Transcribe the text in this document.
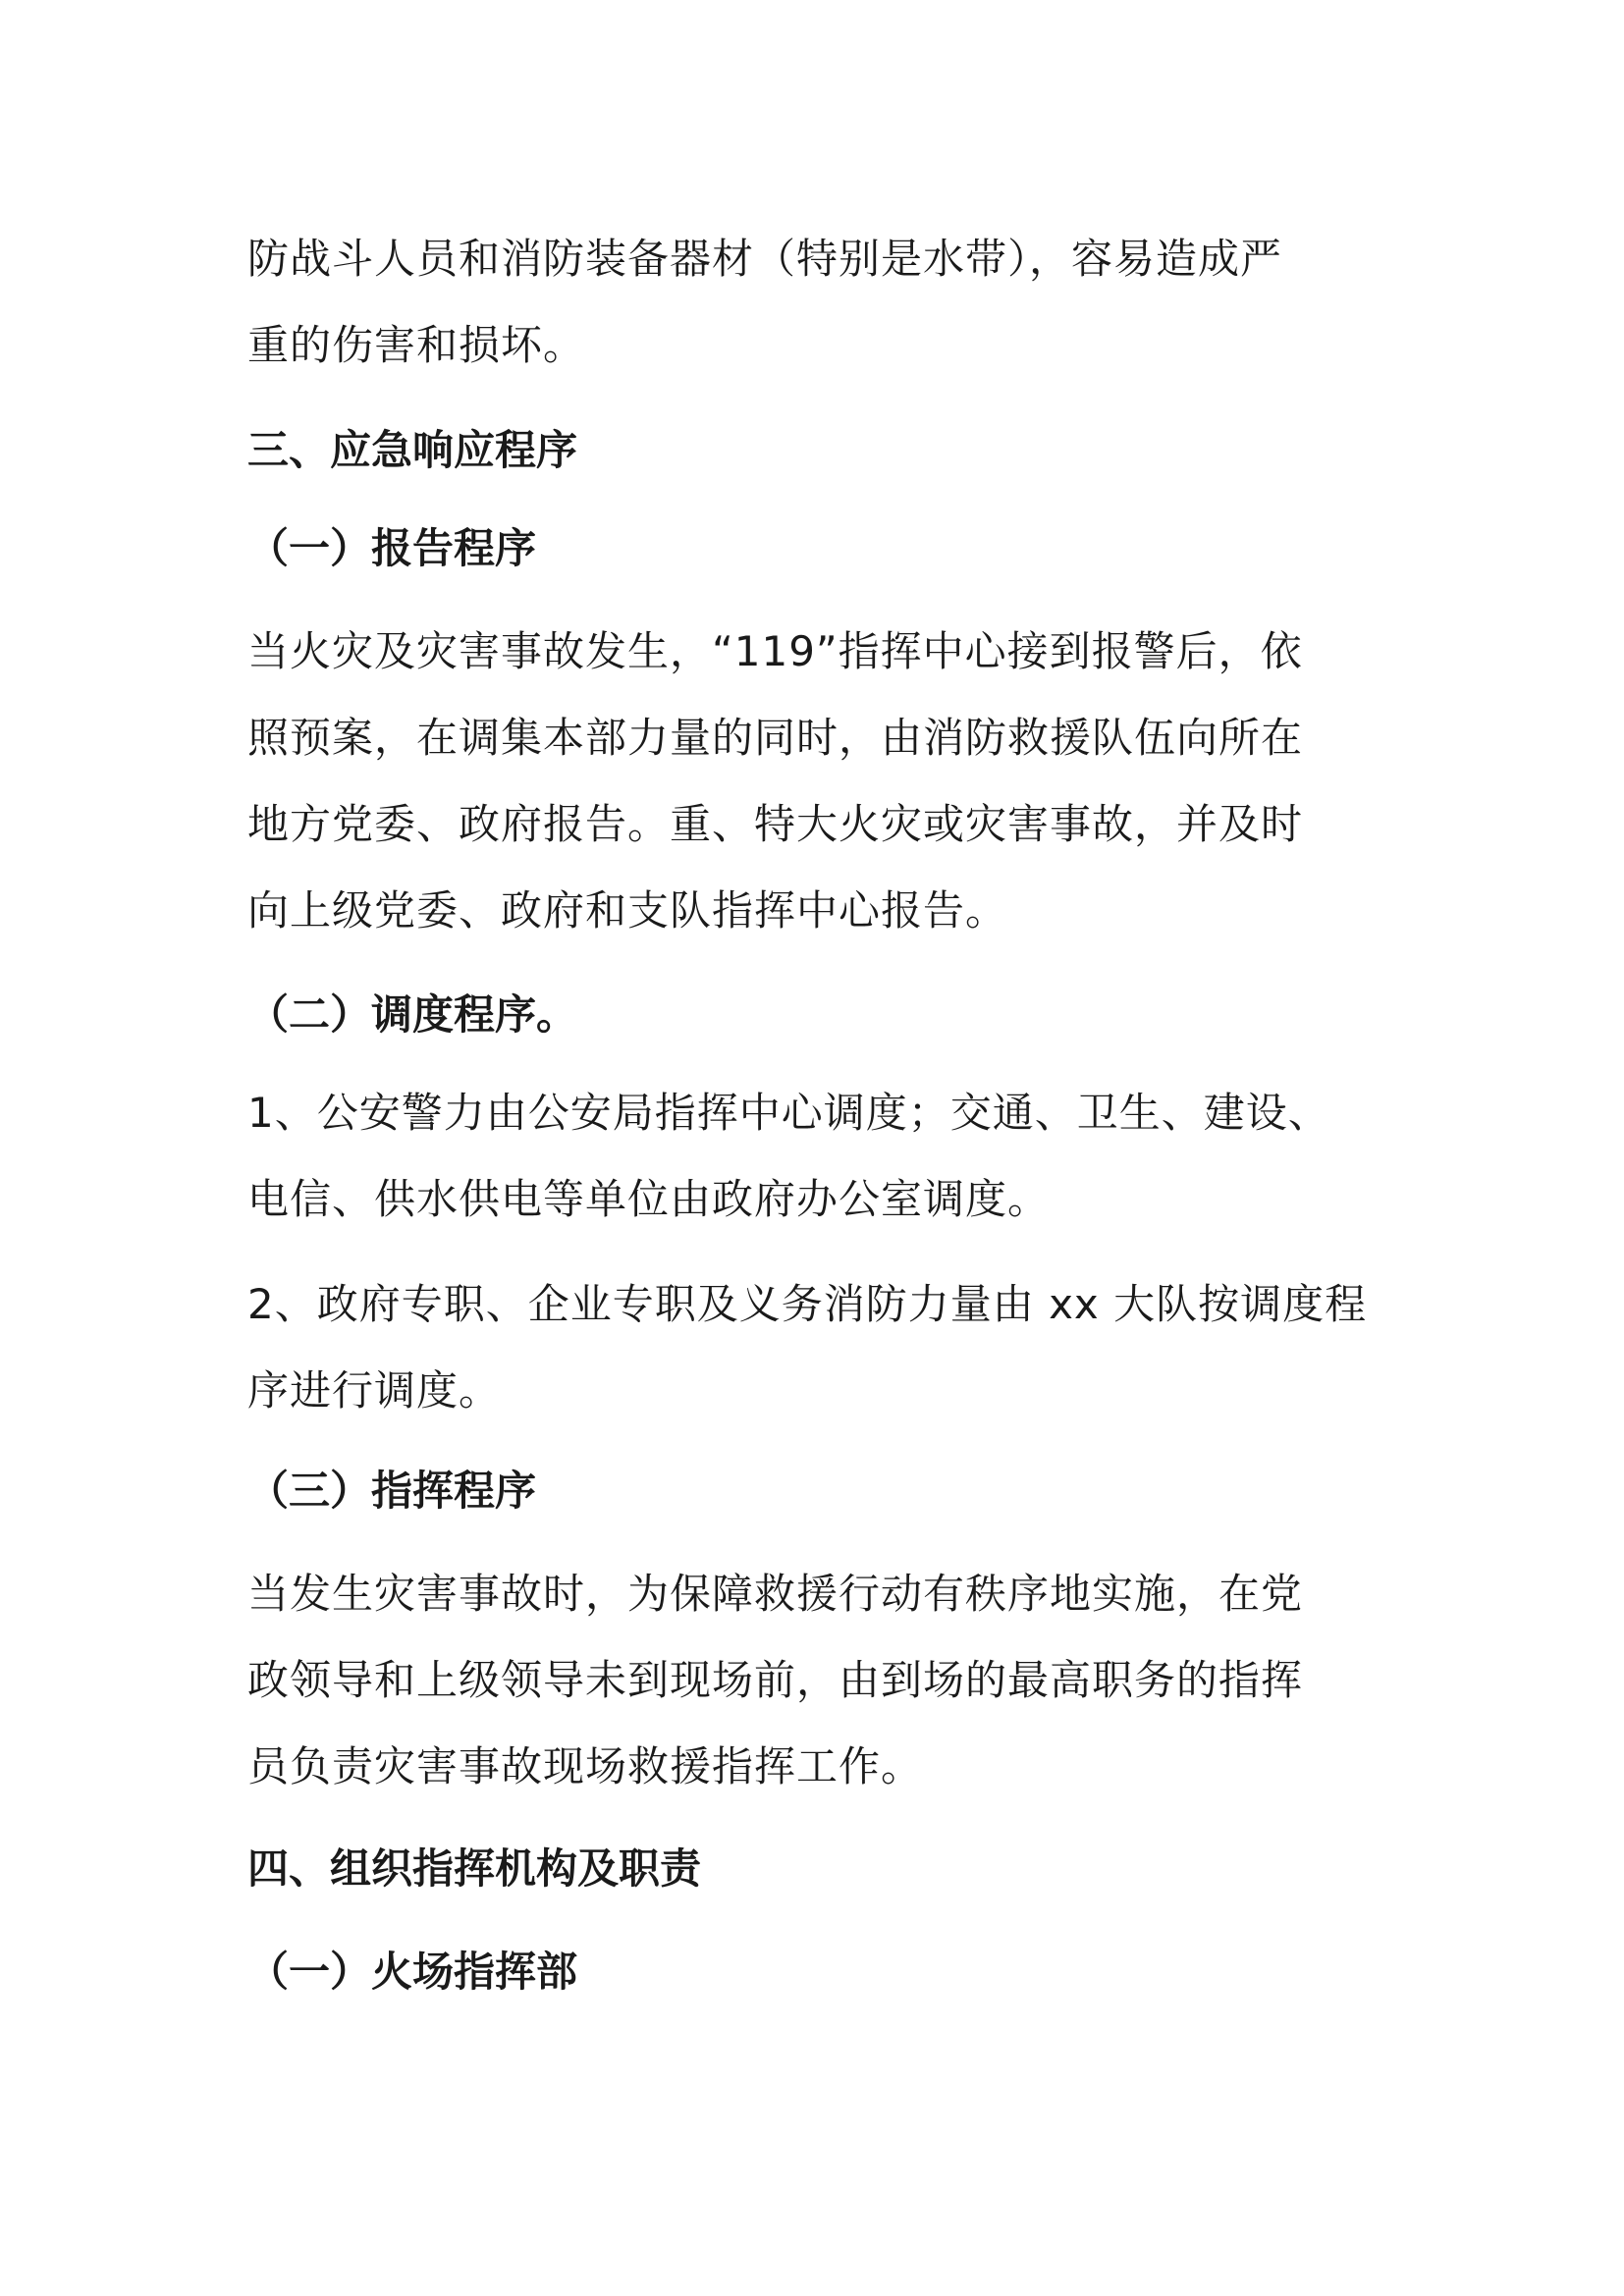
防战斗人员和消防装备器材（特别是水带），容易造成严
重的伤害和损坏。
三、应急响应程序
（一）报告程序
当火灾及灾害事故发生，“119”指挥中心接到报警后，依
照预案，在调集本部力量的同时，由消防救援队伍向所在
地方党委、政府报告。重、特大火灾或灾害事故，并及时
向上级党委、政府和支队指挥中心报告。
（二）调度程序。
1、公安警力由公安局指挥中心调度；交通、卫生、建设、
电信、供水供电等单位由政府办公室调度。
2、政府专职、企业专职及义务消防力量由 xx 大队按调度程
序进行调度。
（三）指挥程序
当发生灾害事故时，为保障救援行动有秩序地实施，在党
政领导和上级领导未到现场前，由到场的最高职务的指挥
员负责灾害事故现场救援指挥工作。
四、组织指挥机构及职责
（一）火场指挥部
